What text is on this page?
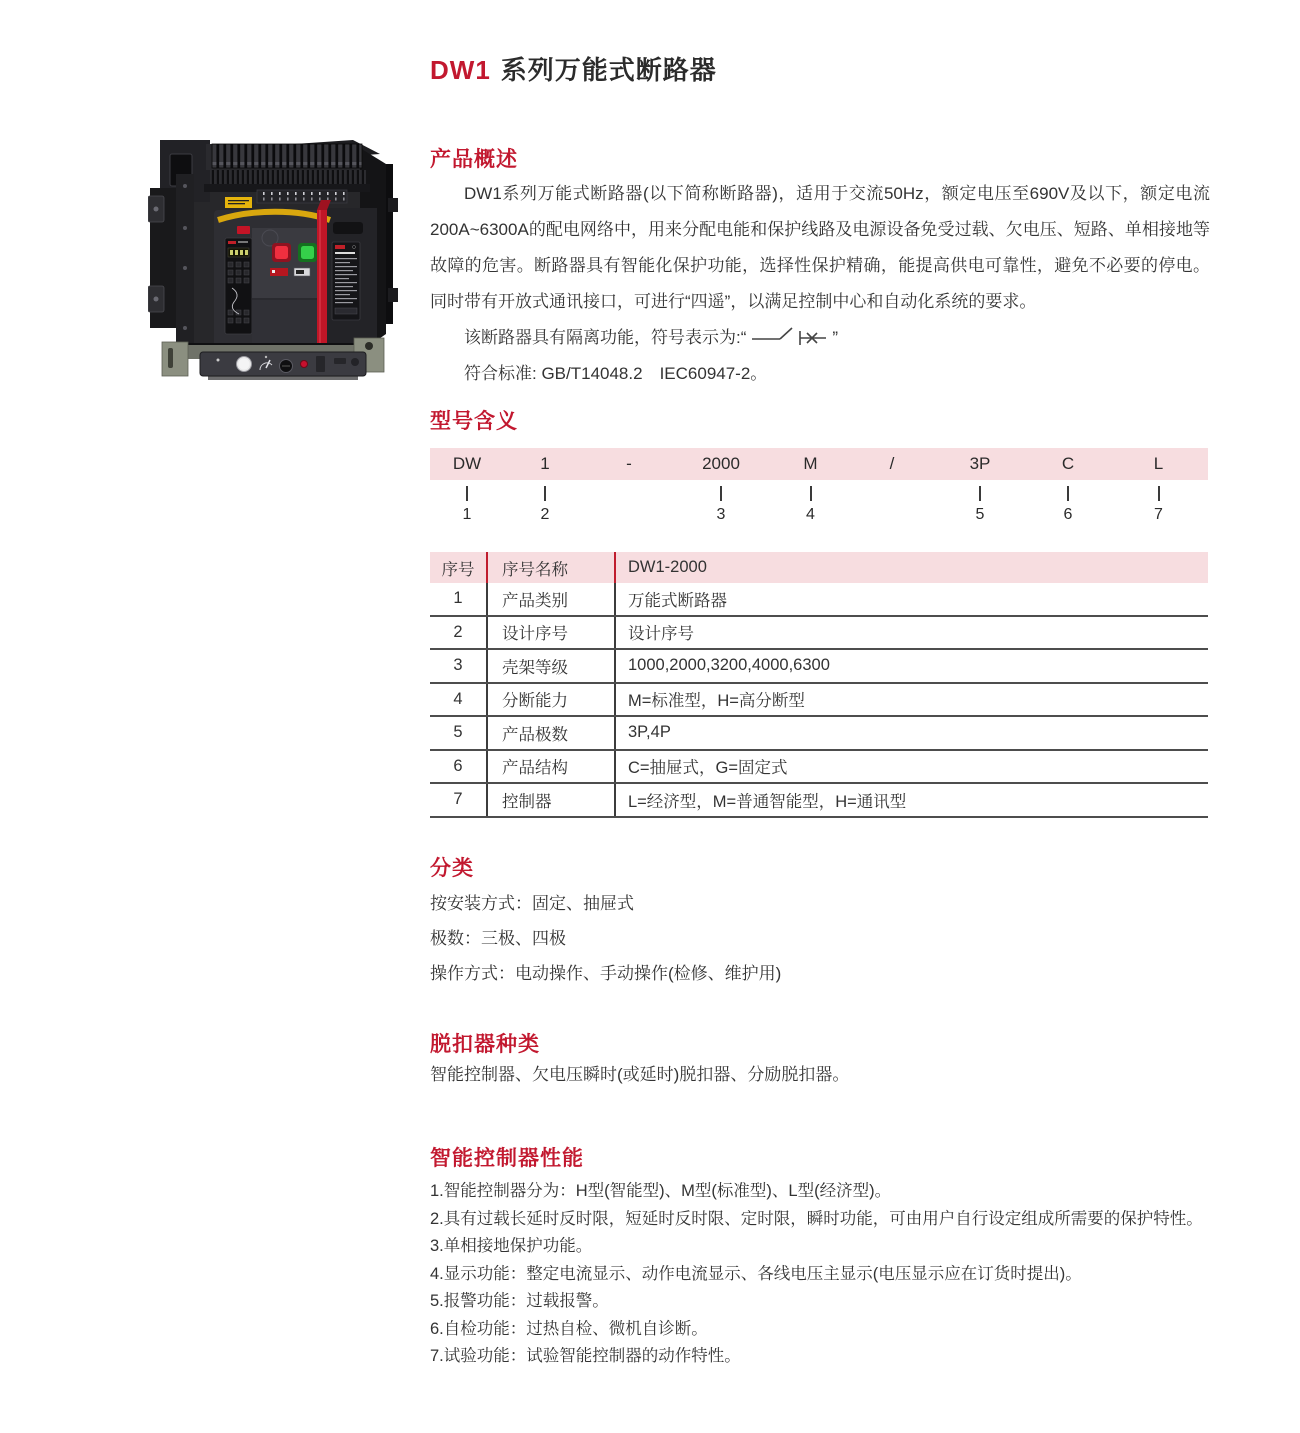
DW1 系列万能式断路器
产品概述

DW1系列万能式断路器(以下简称断路器)，适用于交流50Hz，额定电压至690V及以下，额定电流200A~6300A的配电网络中，用来分配电能和保护线路及电源设备免受过载、欠电压、短路、单相接地等故障的危害。断路器具有智能化保护功能，选择性保护精确，能提高供电可靠性，避免不必要的停电。同时带有开放式通讯接口，可进行“四遥”，以满足控制中心和自动化系统的要求。

该断路器具有隔离功能，符号表示为:“	”

符合标准: GB/T14048.2　IEC60947-2。

型号含义
DW	1	-	2000	M	/	3P	C	L
1	2	3	4	5	6	7
序号	序号名称	DW1-2000
1	产品类别	万能式断路器
2	设计序号	设计序号
3	壳架等级	1000,2000,3200,4000,6300
4	分断能力	M=标准型，H=高分断型
5	产品极数	3P,4P
6	产品结构	C=抽屉式，G=固定式
7	控制器	L=经济型，M=普通智能型，H=通讯型
分类

按安装方式：固定、抽屉式

极数：三极、四极

操作方式：电动操作、手动操作(检修、维护用)

脱扣器种类

智能控制器、欠电压瞬时(或延时)脱扣器、分励脱扣器。

智能控制器性能

1.智能控制器分为：H型(智能型)、M型(标准型)、L型(经济型)。

2.具有过载长延时反时限，短延时反时限、定时限，瞬时功能，可由用户自行设定组成所需要的保护特性。

3.单相接地保护功能。

4.显示功能：整定电流显示、动作电流显示、各线电压主显示(电压显示应在订货时提出)。

5.报警功能：过载报警。

6.自检功能：过热自检、微机自诊断。

7.试验功能：试验智能控制器的动作特性。
